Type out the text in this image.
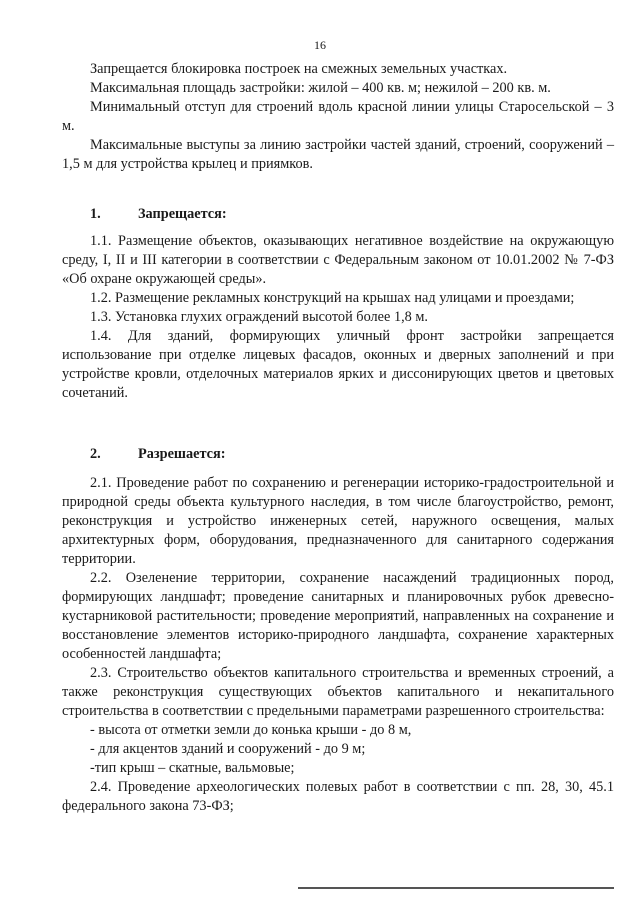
16

Запрещается блокировка построек на смежных земельных участках.

Максимальная площадь застройки: жилой – 400 кв. м; нежилой – 200 кв. м.

Минимальный отступ для строений вдоль красной линии улицы Старосельской – 3 м.

Максимальные выступы за линию застройки частей зданий, строений, сооружений – 1,5 м для устройства крылец и приямков.

1.	Запрещается:

1.1. Размещение объектов, оказывающих негативное воздействие на окружающую среду, I, II и III категории в соответствии с Федеральным законом от 10.01.2002 № 7-ФЗ «Об охране окружающей среды».

1.2. Размещение рекламных конструкций на крышах над улицами и проездами;

1.3. Установка глухих ограждений высотой более 1,8 м.

1.4. Для зданий, формирующих уличный фронт застройки запрещается использование при отделке лицевых фасадов, оконных и дверных заполнений и при устройстве кровли, отделочных материалов ярких и диссонирующих цветов и цветовых сочетаний.

2.	Разрешается:

2.1. Проведение работ по сохранению и регенерации историко-градостроительной и природной среды объекта культурного наследия, в том числе благоустройство, ремонт, реконструкция и устройство инженерных сетей, наружного освещения, малых архитектурных форм, оборудования, предназначенного для санитарного содержания территории.

2.2. Озеленение территории, сохранение насаждений традиционных пород, формирующих ландшафт; проведение санитарных и планировочных рубок древесно-кустарниковой растительности; проведение мероприятий, направленных на сохранение и восстановление элементов историко-природного ландшафта, сохранение характерных особенностей ландшафта;

2.3. Строительство объектов капитального строительства и временных строений, а также реконструкция существующих объектов капитального и некапитального строительства в соответствии с предельными параметрами разрешенного строительства:

- высота от отметки земли до конька крыши - до 8 м,

- для акцентов зданий и сооружений - до 9 м;

-тип крыш – скатные, вальмовые;

2.4. Проведение археологических полевых работ в соответствии с пп. 28, 30, 45.1 федерального закона 73-ФЗ;
